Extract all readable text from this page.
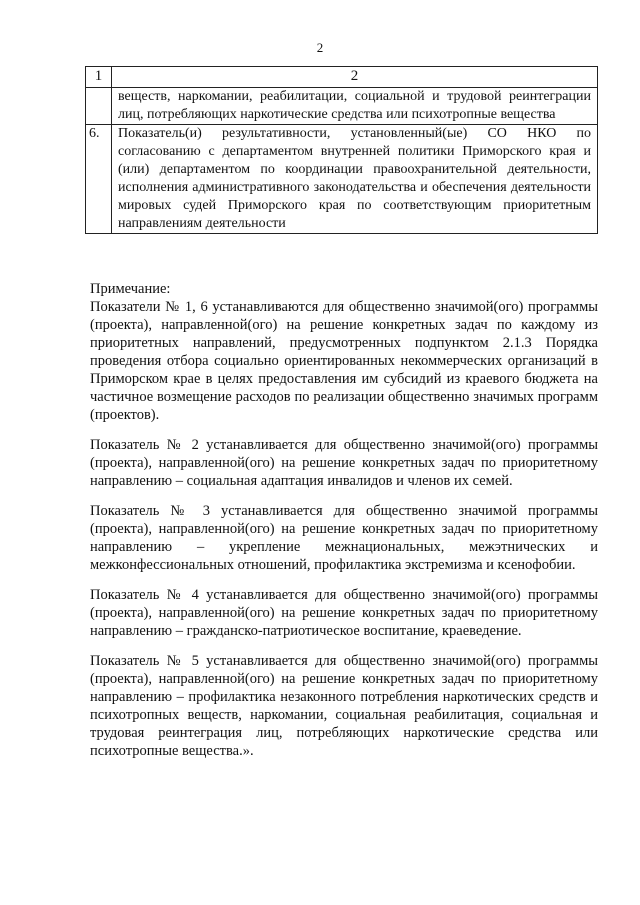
2
1	2
	веществ, наркомании, реабилитации, социальной и трудовой реинтеграции лиц, потребляющих наркотические средства или психотропные вещества
6.	Показатель(и) результативности, установленный(ые) СО НКО по согласованию с департаментом внутренней политики Приморского края и (или) департаментом по координации правоохранительной деятельности, исполнения административного законодательства и обеспечения деятельности мировых судей Приморского края по соответствующим приоритетным направлениям деятельности
Примечание:

Показатели № 1, 6 устанавливаются для общественно значимой(ого) программы (проекта), направленной(ого) на решение конкретных задач по каждому из приоритетных направлений, предусмотренных подпунктом 2.1.3 Порядка проведения отбора социально ориентированных некоммерческих организаций в Приморском крае в целях предоставления им субсидий из краевого бюджета на частичное возмещение расходов по реализации общественно значимых программ (проектов).

Показатель № 2 устанавливается для общественно значимой(ого) программы (проекта), направленной(ого) на решение конкретных задач по приоритетному направлению – социальная адаптация инвалидов и членов их семей.

Показатель № 3 устанавливается для общественно значимой программы (проекта), направленной(ого) на решение конкретных задач по приоритетному направлению – укрепление межнациональных, межэтнических и межконфессиональных отношений, профилактика экстремизма и ксенофобии.

Показатель № 4 устанавливается для общественно значимой(ого) программы (проекта), направленной(ого) на решение конкретных задач по приоритетному направлению – гражданско-патриотическое воспитание, краеведение.

Показатель № 5 устанавливается для общественно значимой(ого) программы (проекта), направленной(ого) на решение конкретных задач по приоритетному направлению – профилактика незаконного потребления наркотических средств и психотропных веществ, наркомании, социальная реабилитация, социальная и трудовая реинтеграция лиц, потребляющих наркотические средства или психотропные вещества.».
